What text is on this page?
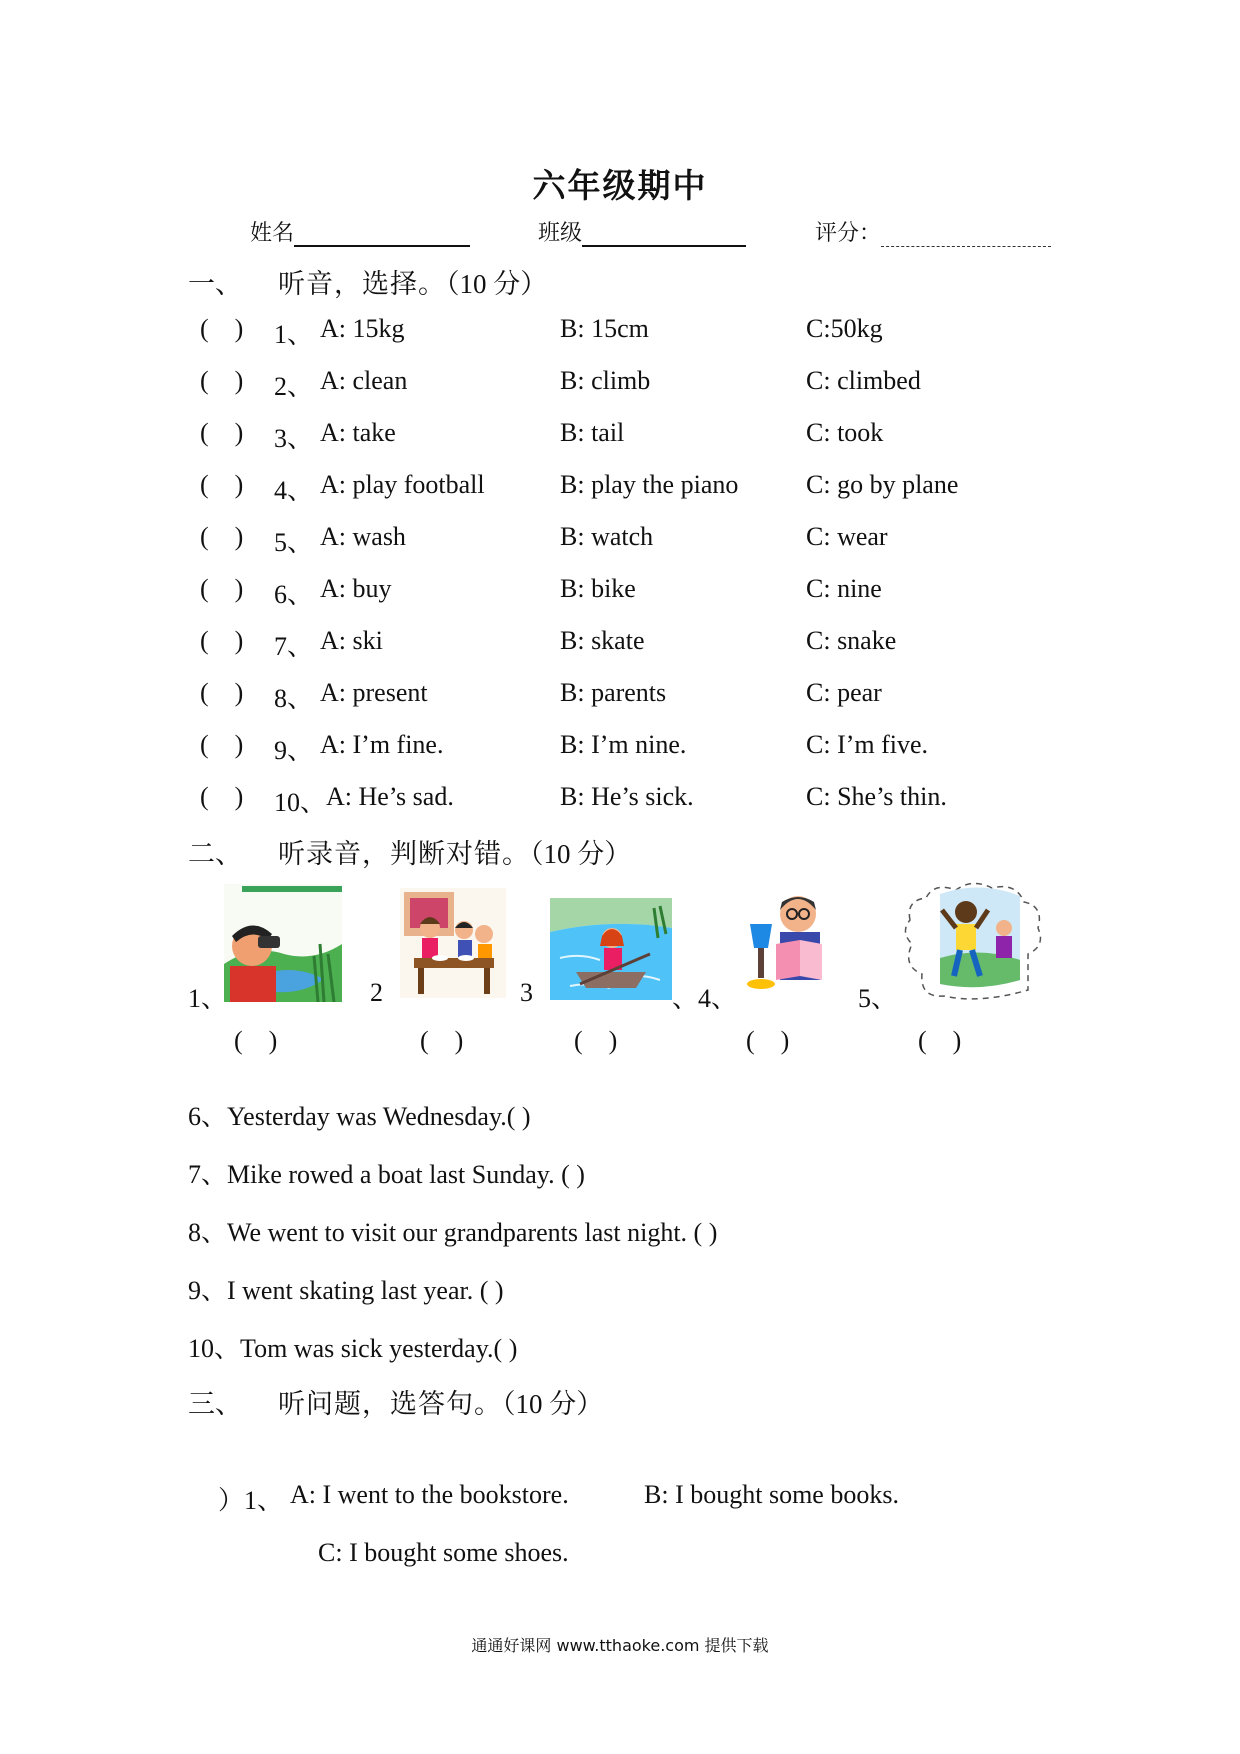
六年级期中
姓名	班级	评分：
一、 听音，选择。（10 分）
(    ) 1、 A: 15kg	B: 15cm	C:50kg
(    ) 2、 A: clean	B: climb	C: climbed
(    ) 3、 A: take	B: tail	C: took
(    ) 4、 A: play football	B: play the piano	C: go by plane
(    ) 5、 A: wash	B: watch	C: wear
(    ) 6、 A: buy	B: bike	C: nine
(    ) 7、 A: ski	B: skate	C: snake
(    ) 8、 A: present	B: parents	C: pear
(    ) 9、 A: I’m fine.	B: I’m nine.	C: I’m five.
(    ) 10、 A: He’s sad.	B: He’s sick.	C: She’s thin.
二、 听录音，判断对错。（10 分）
1、	2	3	、4、	5、
(    )	(    )	(    )	(    )	(    )
6、Yesterday was Wednesday.( )
7、Mike rowed a boat last Sunday. ( )
8、We went to visit our grandparents last night. ( )
9、I went skating last year. ( )
10、Tom was sick yesterday.( )
三、 听问题，选答句。（10 分）
）1、 A: I went to the bookstore.	B: I bought some books.
C: I bought some shoes.
通通好课网 www.tthaoke.com 提供下载
